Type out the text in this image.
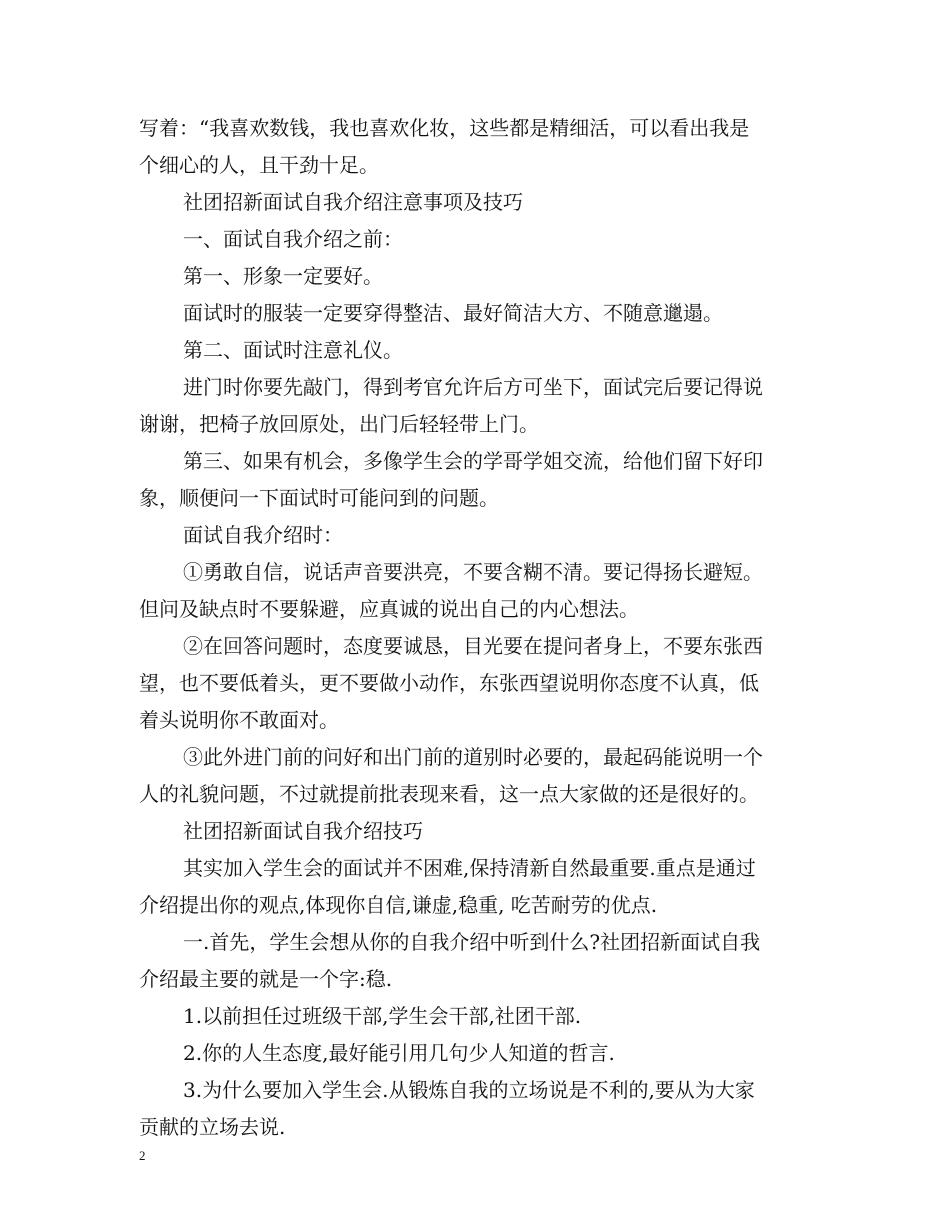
写着：“我喜欢数钱，我也喜欢化妆，这些都是精细活，可以看出我是
个细心的人，且干劲十足。
社团招新面试自我介绍注意事项及技巧
一、面试自我介绍之前：
第一、形象一定要好。
面试时的服装一定要穿得整洁、最好简洁大方、不随意邋遢。
第二、面试时注意礼仪。
进门时你要先敲门，得到考官允许后方可坐下，面试完后要记得说
谢谢，把椅子放回原处，出门后轻轻带上门。
第三、如果有机会，多像学生会的学哥学姐交流，给他们留下好印
象，顺便问一下面试时可能问到的问题。
面试自我介绍时：
①勇敢自信，说话声音要洪亮，不要含糊不清。要记得扬长避短。
但问及缺点时不要躲避，应真诚的说出自己的内心想法。
②在回答问题时，态度要诚恳，目光要在提问者身上，不要东张西
望，也不要低着头，更不要做小动作，东张西望说明你态度不认真，低
着头说明你不敢面对。
③此外进门前的问好和出门前的道别时必要的，最起码能说明一个
人的礼貌问题，不过就提前批表现来看，这一点大家做的还是很好的。
社团招新面试自我介绍技巧
其实加入学生会的面试并不困难,保持清新自然最重要.重点是通过
介绍提出你的观点,体现你自信,谦虚,稳重, 吃苦耐劳的优点.
一.首先，学生会想从你的自我介绍中听到什么?社团招新面试自我
介绍最主要的就是一个字:稳.
1.以前担任过班级干部,学生会干部,社团干部.
2.你的人生态度,最好能引用几句少人知道的哲言.
3.为什么要加入学生会.从锻炼自我的立场说是不利的,要从为大家
贡献的立场去说.
2
